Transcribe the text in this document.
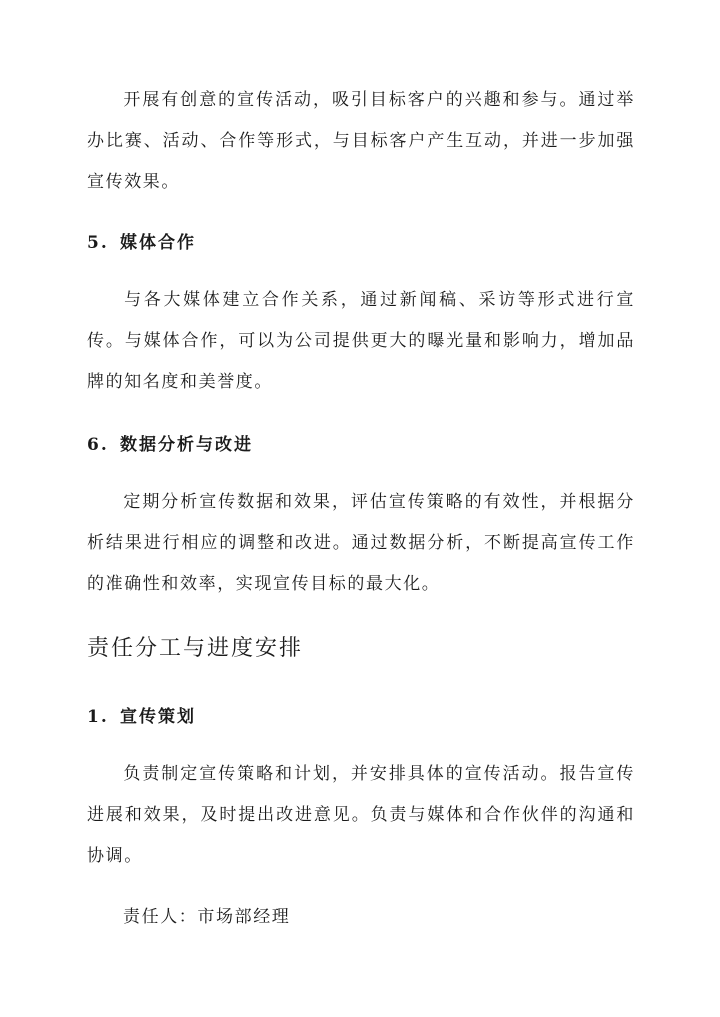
开展有创意的宣传活动，吸引目标客户的兴趣和参与。通过举办比赛、活动、合作等形式，与目标客户产生互动，并进一步加强宣传效果。

5. 媒体合作

与各大媒体建立合作关系，通过新闻稿、采访等形式进行宣传。与媒体合作，可以为公司提供更大的曝光量和影响力，增加品牌的知名度和美誉度。

6. 数据分析与改进

定期分析宣传数据和效果，评估宣传策略的有效性，并根据分析结果进行相应的调整和改进。通过数据分析，不断提高宣传工作的准确性和效率，实现宣传目标的最大化。

责任分工与进度安排
1. 宣传策划

负责制定宣传策略和计划，并安排具体的宣传活动。报告宣传进展和效果，及时提出改进意见。负责与媒体和合作伙伴的沟通和协调。

责任人：市场部经理
